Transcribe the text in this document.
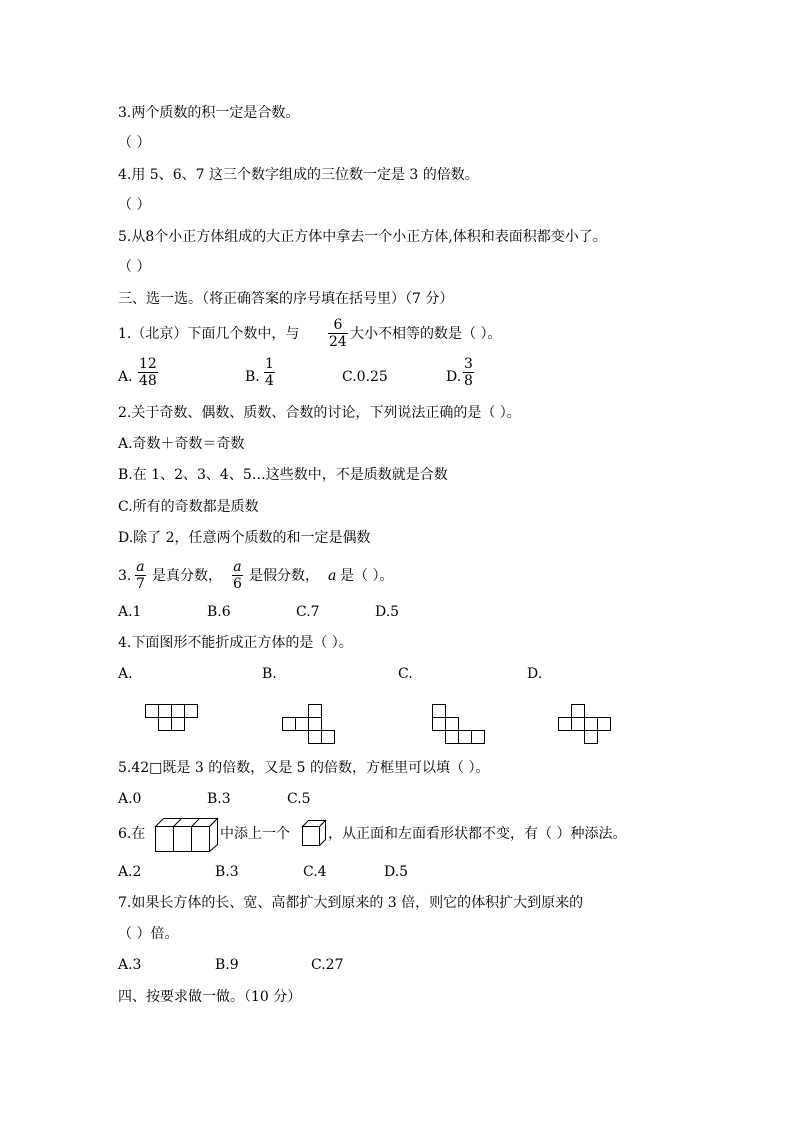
3.两个质数的积一定是合数。
（ ）
4.用 5、6、7 这三个数字组成的三位数一定是 3 的倍数。
（ ）
5.从8个小正方体组成的大正方体中拿去一个小正方体,体积和表面积都变小了。
（ ）
三、选一选。（将正确答案的序号填在括号里）（7 分）
1.（北京）下面几个数中，与 $\frac{6}{24}$ 大小不相等的数是（ ）。
A. $\frac{12}{48}$	B. $\frac{1}{4}$	C.0.25	D. $\frac{3}{8}$
2.关于奇数、偶数、质数、合数的讨论，下列说法正确的是（ ）。
A.奇数＋奇数＝奇数
B.在 1、2、3、4、5…这些数中，不是质数就是合数
C.所有的奇数都是质数
D.除了 2，任意两个质数的和一定是偶数
3. $\frac{a}{7}$ 是真分数， $\frac{a}{6}$ 是假分数， a 是（ ）。
A.1	B.6	C.7	D.5
4.下面图形不能折成正方体的是（ ）。
A.	B.	C.	D.
5.42□既是 3 的倍数，又是 5 的倍数，方框里可以填（ ）。
A.0	B.3	C.5
6.在	中添上一个	，从正面和左面看形状都不变，有（ ）种添法。
A.2	B.3	C.4	D.5
7.如果长方体的长、宽、高都扩大到原来的 3 倍，则它的体积扩大到原来的
（ ）倍。
A.3	B.9	C.27
四、按要求做一做。（10 分）
